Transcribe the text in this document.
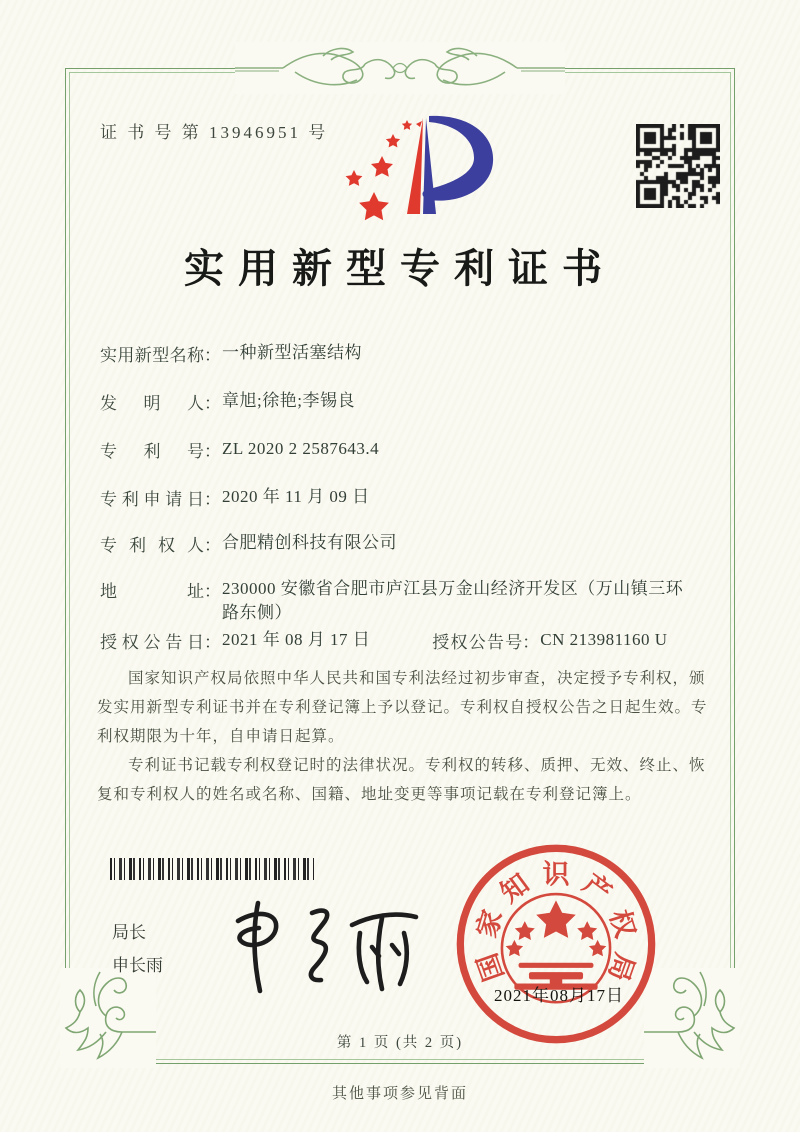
证 书 号 第 13946951 号
实用新型专利证书
实用新型名称 ： 一种新型活塞结构
发明人 ： 章旭;徐艳;李锡良
专利号 ： ZL 2020 2 2587643.4
专利申请日 ： 2020 年 11 月 09 日
专利权人 ： 合肥精创科技有限公司
地址 ： 230000 安徽省合肥市庐江县万金山经济开发区（万山镇三环路东侧）
授权公告日 ： 2021 年 08 月 17 日	授权公告号 ： CN 213981160 U

国家知识产权局依照中华人民共和国专利法经过初步审查，决定授予专利权，颁发实用新型专利证书并在专利登记簿上予以登记。专利权自授权公告之日起生效。专利权期限为十年，自申请日起算。

专利证书记载专利权登记时的法律状况。专利权的转移、质押、无效、终止、恢复和专利权人的姓名或名称、国籍、地址变更等事项记载在专利登记簿上。

局长
申长雨	国
家
知 识 产
权
局
2021年08月17日
第 1 页 (共 2 页)
其他事项参见背面
